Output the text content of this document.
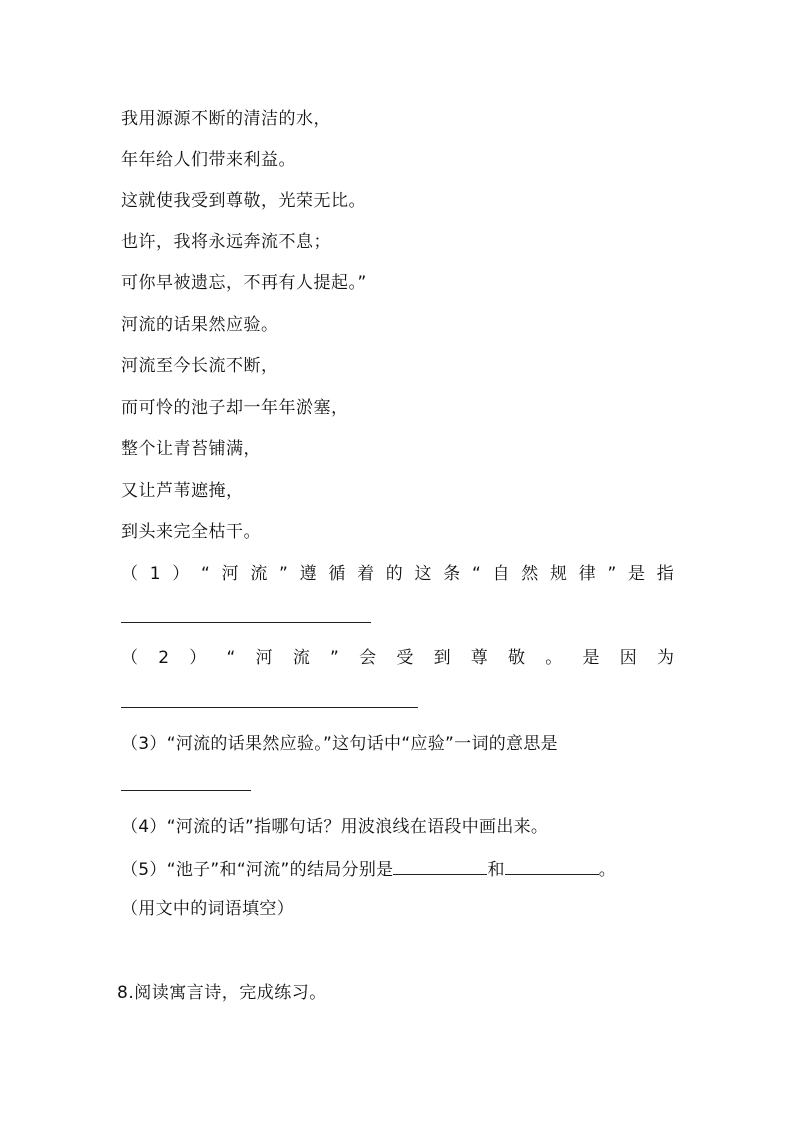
我用源源不断的清洁的水，
年年给人们带来利益。
这就使我受到尊敬，光荣无比。
也许，我将永远奔流不息；
可你早被遗忘，不再有人提起。”
河流的话果然应验。
河流至今长流不断，
而可怜的池子却一年年淤塞，
整个让青苔铺满，
又让芦苇遮掩，
到头来完全枯干。
（ 1 ） “ 河 流 ” 遵 循 着 的 这 条 “ 自 然 规 律 ” 是 指
（ 2 ） “ 河 流 ” 会 受 到 尊 敬 。 是 因 为
（3）“河流的话果然应验。”这句话中“应验”一词的意思是
（4）“河流的话”指哪句话？用波浪线在语段中画出来。
（5）“池子”和“河流”的结局分别是	和	。
（用文中的词语填空）
8.阅读寓言诗，完成练习。
